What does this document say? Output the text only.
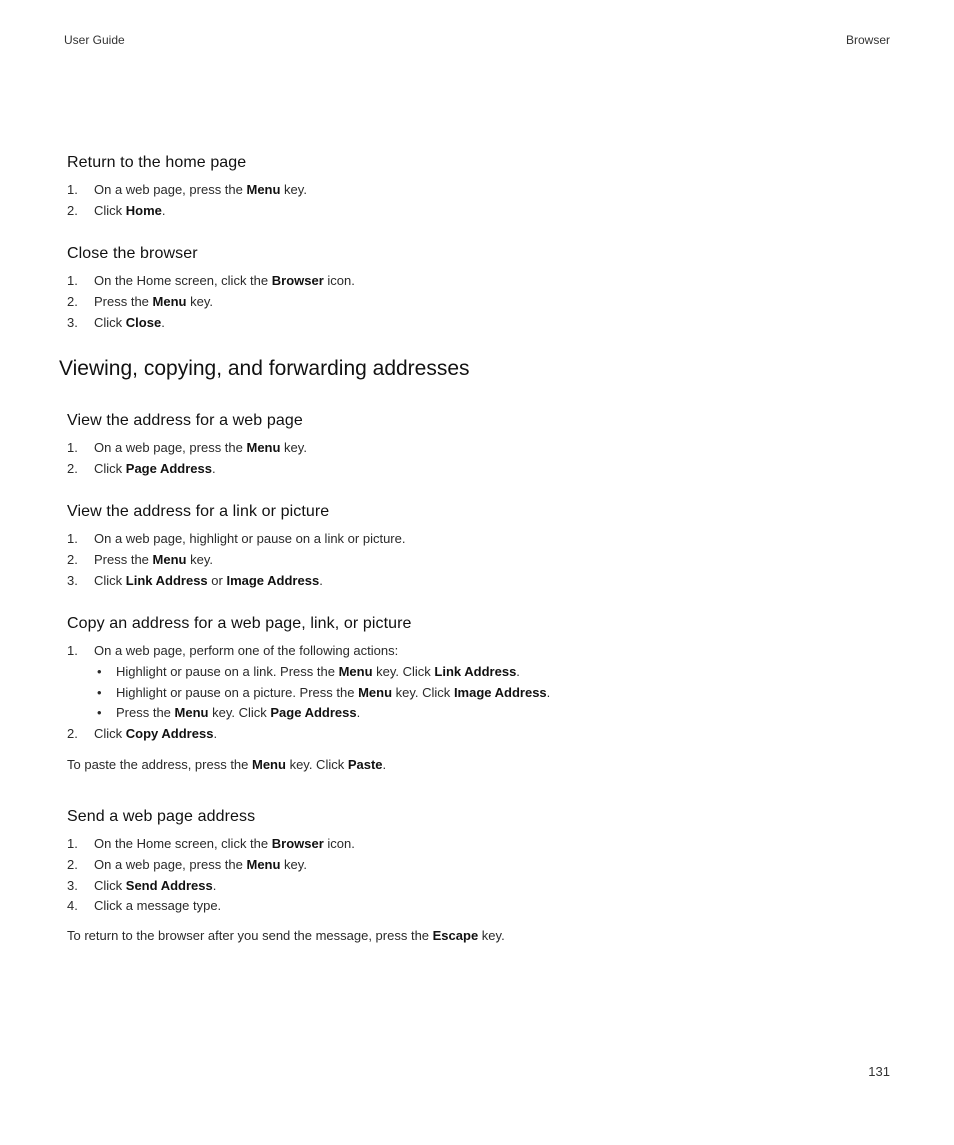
User Guide	Browser
Return to the home page
1. On a web page, press the Menu key.
2. Click Home.
Close the browser
1. On the Home screen, click the Browser icon.
2. Press the Menu key.
3. Click Close.
Viewing, copying, and forwarding addresses
View the address for a web page
1. On a web page, press the Menu key.
2. Click Page Address.
View the address for a link or picture
1. On a web page, highlight or pause on a link or picture.
2. Press the Menu key.
3. Click Link Address or Image Address.
Copy an address for a web page, link, or picture
1. On a web page, perform one of the following actions:
• Highlight or pause on a link. Press the Menu key. Click Link Address.
• Highlight or pause on a picture. Press the Menu key. Click Image Address.
• Press the Menu key. Click Page Address.
2. Click Copy Address.

To paste the address, press the Menu key. Click Paste.

Send a web page address
1. On the Home screen, click the Browser icon.
2. On a web page, press the Menu key.
3. Click Send Address.
4. Click a message type.

To return to the browser after you send the message, press the Escape key.

131
